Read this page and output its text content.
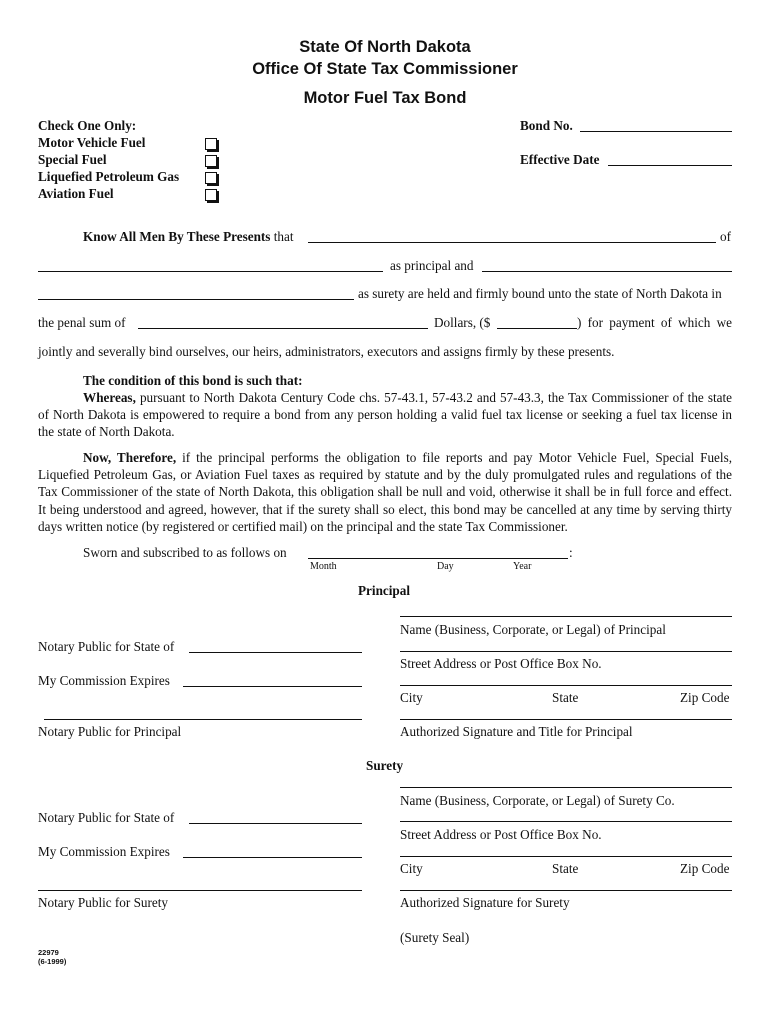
State Of North Dakota
Office Of State Tax Commissioner
Motor Fuel Tax Bond
Check One Only:
Motor Vehicle Fuel
Special Fuel
Liquefied Petroleum Gas
Aviation Fuel
Bond No.
Effective Date
Know All Men By These Presents that	of
as principal and
as surety are held and firmly bound unto the state of North Dakota in
the penal sum of	Dollars, ($	) for payment of which we
jointly and severally bind ourselves, our heirs, administrators, executors and assigns firmly by these presents.
The condition of this bond is such that:
Whereas, pursuant to North Dakota Century Code chs. 57-43.1, 57-43.2 and 57-43.3, the Tax Commissioner of the state of North Dakota is empowered to require a bond from any person holding a valid fuel tax license or seeking a fuel tax license in the state of North Dakota.
Now, Therefore, if the principal performs the obligation to file reports and pay Motor Vehicle Fuel, Special Fuels, Liquefied Petroleum Gas, or Aviation Fuel taxes as required by statute and by the duly promulgated rules and regulations of the Tax Commissioner of the state of North Dakota, this obligation shall be null and void, otherwise it shall be in full force and effect. It being understood and agreed, however, that if the surety shall so elect, this bond may be cancelled at any time by serving thirty days written notice (by registered or certified mail) on the principal and the state Tax Commissioner.
Sworn and subscribed to as follows on	:
Month	Day	Year
Principal
Name (Business, Corporate, or Legal) of Principal
Street Address or Post Office Box No.
City	State	Zip Code
Authorized Signature and Title for Principal
Notary Public for State of
My Commission Expires
Notary Public for Principal
Surety
Name (Business, Corporate, or Legal) of Surety Co.
Street Address or Post Office Box No.
City	State	Zip Code
Authorized Signature for Surety
(Surety Seal)
Notary Public for State of
My Commission Expires
Notary Public for Surety
22979
(6-1999)
